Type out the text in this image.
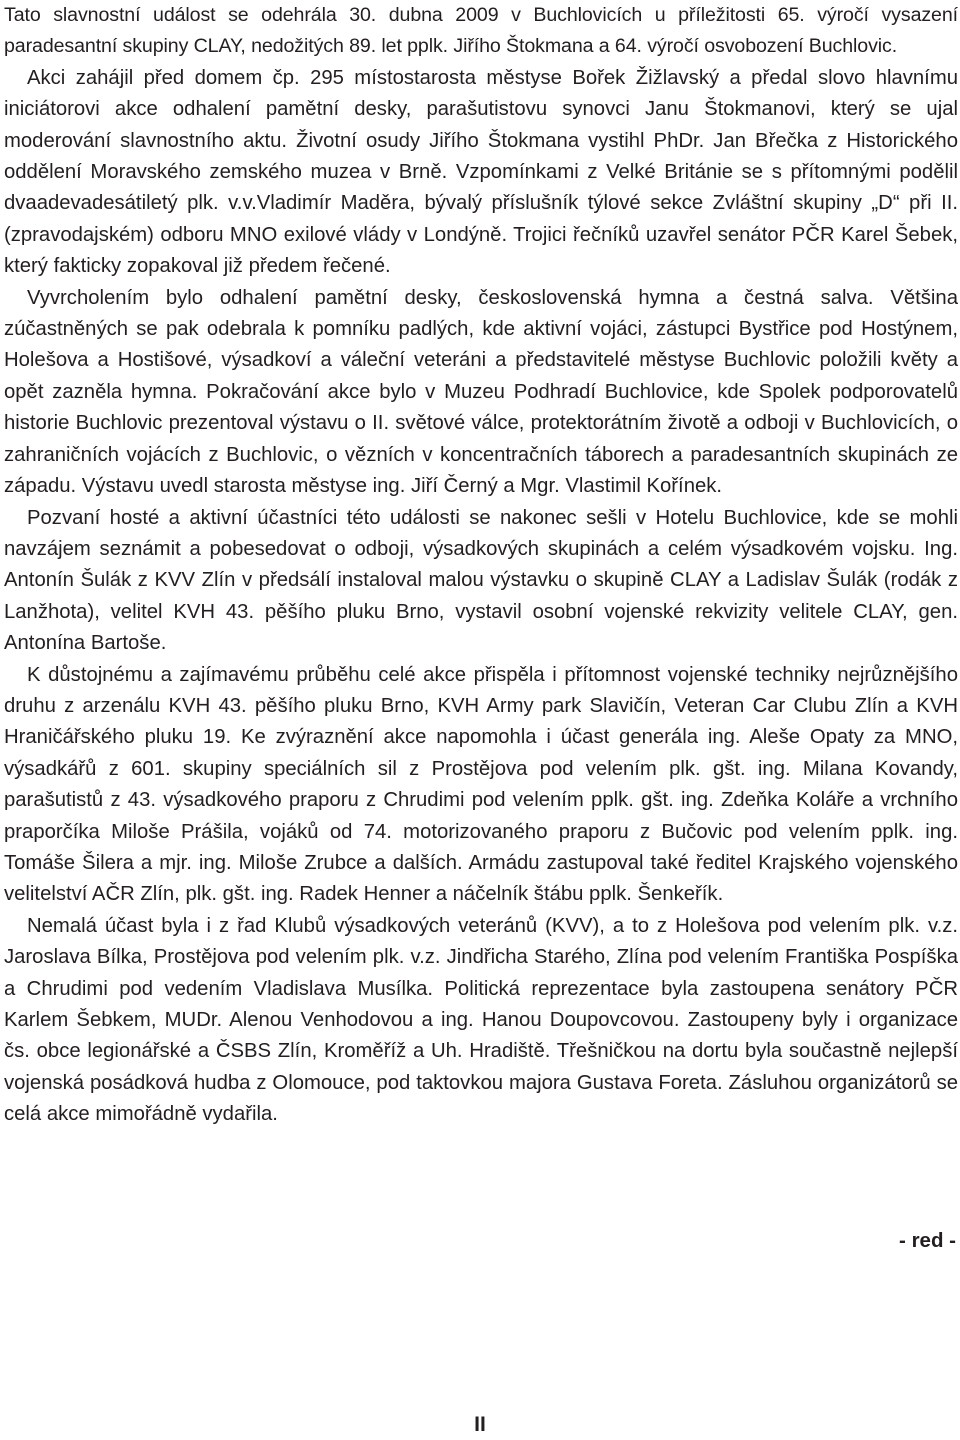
Tato slavnostní událost se odehrála 30. dubna 2009 v Buchlovicích u příležitosti 65. výročí vysazení paradesantní skupiny CLAY, nedožitých 89. let pplk. Jiřího Štokmana a 64. výročí osvobození Buchlovic.

Akci zahájil před domem čp. 295 místostarosta městyse Bořek Žižlavský a předal slovo hlavnímu iniciátorovi akce odhalení pamětní desky, parašutistovu synovci Janu Štokmanovi, který se ujal moderování slavnostního aktu. Životní osudy Jiřího Štokmana vystihl PhDr. Jan Břečka z Historického oddělení Moravského zemského muzea v Brně. Vzpomínkami z Velké Británie se s přítomnými podělil dvaadevadesátiletý plk. v.v.Vladimír Maděra, bývalý příslušník týlové sekce Zvláštní skupiny „D“ při II. (zpravodajském) odboru MNO exilové vlády v Londýně. Trojici řečníků uzavřel senátor PČR Karel Šebek, který fakticky zopakoval již předem řečené.

Vyvrcholením bylo odhalení pamětní desky, československá hymna a čestná salva. Většina zúčastněných se pak odebrala k pomníku padlých, kde aktivní vojáci, zástupci Bystřice pod Hostýnem, Holešova a Hostišové, výsadkoví a váleční veteráni a představitelé městyse Buchlovic položili květy a opět zazněla hymna. Pokračování akce bylo v Muzeu Podhradí Buchlovice, kde Spolek podporovatelů historie Buchlovic prezentoval výstavu o II. světové válce, protektorátním životě a odboji v Buchlovicích, o zahraničních vojácích z Buchlovic, o vězních v koncentračních táborech a paradesantních skupinách ze západu. Výstavu uvedl starosta městyse ing. Jiří Černý a Mgr. Vlastimil Kořínek.

Pozvaní hosté a aktivní účastníci této události se nakonec sešli v Hotelu Buchlovice, kde se mohli navzájem seznámit a pobesedovat o odboji, výsadkových skupinách a celém výsadkovém vojsku. Ing. Antonín Šulák z KVV Zlín v předsálí instaloval malou výstavku o skupině CLAY a Ladislav Šulák (rodák z Lanžhota), velitel KVH 43. pěšího pluku Brno, vystavil osobní vojenské rekvizity velitele CLAY, gen. Antonína Bartoše.

K důstojnému a zajímavému průběhu celé akce přispěla i přítomnost vojenské techniky nejrůznějšího druhu z arzenálu KVH 43. pěšího pluku Brno, KVH Army park Slavičín, Veteran Car Clubu Zlín a KVH Hraničářského pluku 19. Ke zvýraznění akce napomohla i účast generála ing. Aleše Opaty za MNO, výsadkářů z 601. skupiny speciálních sil z Prostějova pod velením plk. gšt. ing. Milana Kovandy, parašutistů z 43. výsadkového praporu z Chrudimi pod velením pplk. gšt. ing. Zdeňka Koláře a vrchního praporčíka Miloše Prášila, vojáků od 74. motorizovaného praporu z Bučovic pod velením pplk. ing. Tomáše Šilera a mjr. ing. Miloše Zrubce a dalších. Armádu zastupoval také ředitel Krajského vojenského velitelství AČR Zlín, plk. gšt. ing. Radek Henner a náčelník štábu pplk. Šenkeřík.

Nemalá účast byla i z řad Klubů výsadkových veteránů (KVV), a to z Holešova pod velením plk. v.z. Jaroslava Bílka, Prostějova pod velením plk. v.z. Jindřicha Starého, Zlína pod velením Františka Pospíška a Chrudimi pod vedením Vladislava Musílka. Politická reprezentace byla zastoupena senátory PČR Karlem Šebkem, MUDr. Alenou Venhodovou a ing. Hanou Doupovcovou. Zastoupeny byly i organizace čs. obce legionářské a ČSBS Zlín, Kroměříž a Uh. Hradiště. Třešničkou na dortu byla součastně nejlepší vojenská posádková hudba z Olomouce, pod taktovkou majora Gustava Foreta. Zásluhou organizátorů se celá akce mimořádně vydařila.

- red -

II
